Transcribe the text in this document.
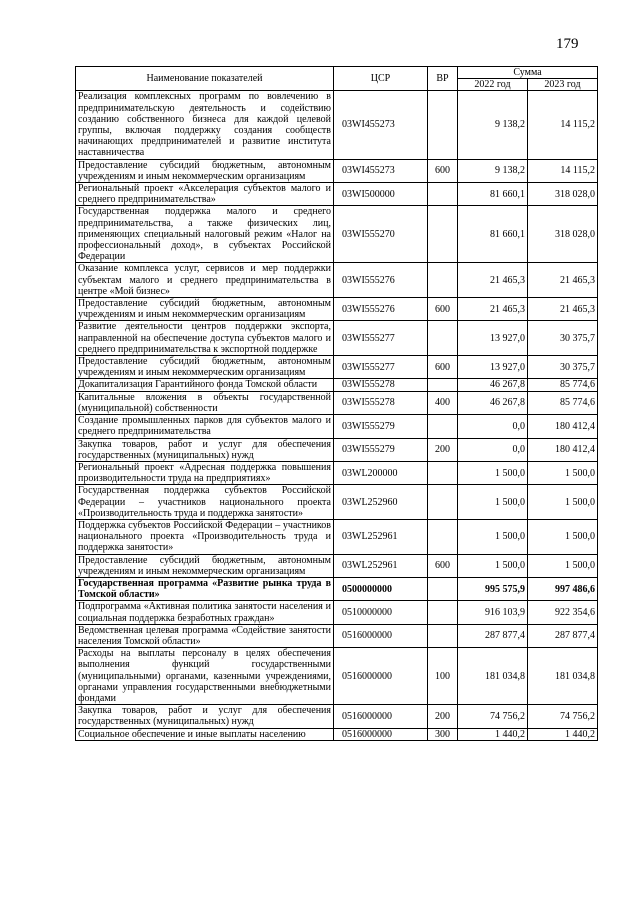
179
Наименование показателей	ЦСР	ВР	Сумма	
			2022 год	2023 год
Реализация комплексных программ по вовлечению в предпринимательскую деятельность и содействию созданию собственного бизнеса для каждой целевой группы, включая поддержку создания сообществ начинающих предпринимателей и развитие института наставничества	03WI455273		9 138,2	14 115,2
Предоставление субсидий бюджетным, автономным учреждениям и иным некоммерческим организациям	03WI455273	600	9 138,2	14 115,2
Региональный проект «Акселерация субъектов малого и среднего предпринимательства»	03WI500000		81 660,1	318 028,0
Государственная поддержка малого и среднего предпринимательства, а также физических лиц, применяющих специальный налоговый режим «Налог на профессиональный доход», в субъектах Российской Федерации	03WI555270		81 660,1	318 028,0
Оказание комплекса услуг, сервисов и мер поддержки субъектам малого и среднего предпринимательства в центре «Мой бизнес»	03WI555276		21 465,3	21 465,3
Предоставление субсидий бюджетным, автономным учреждениям и иным некоммерческим организациям	03WI555276	600	21 465,3	21 465,3
Развитие деятельности центров поддержки экспорта, направленной на обеспечение доступа субъектов малого и среднего предпринимательства к экспортной поддержке	03WI555277		13 927,0	30 375,7
Предоставление субсидий бюджетным, автономным учреждениям и иным некоммерческим организациям	03WI555277	600	13 927,0	30 375,7
Докапитализация Гарантийного фонда Томской области	03WI555278		46 267,8	85 774,6
Капитальные вложения в объекты государственной (муниципальной) собственности	03WI555278	400	46 267,8	85 774,6
Создание промышленных парков для субъектов малого и среднего предпринимательства	03WI555279		0,0	180 412,4
Закупка товаров, работ и услуг для обеспечения государственных (муниципальных) нужд	03WI555279	200	0,0	180 412,4
Региональный проект «Адресная поддержка повышения производительности труда на предприятиях»	03WL200000		1 500,0	1 500,0
Государственная поддержка субъектов Российской Федерации – участников национального проекта «Производительность труда и поддержка занятости»	03WL252960		1 500,0	1 500,0
Поддержка субъектов Российской Федерации – участников национального проекта «Производительность труда и поддержка занятости»	03WL252961		1 500,0	1 500,0
Предоставление субсидий бюджетным, автономным учреждениям и иным некоммерческим организациям	03WL252961	600	1 500,0	1 500,0
Государственная программа «Развитие рынка труда в Томской области»	0500000000		995 575,9	997 486,6
Подпрограмма «Активная политика занятости населения и социальная поддержка безработных граждан»	0510000000		916 103,9	922 354,6
Ведомственная целевая программа «Содействие занятости населения Томской области»	0516000000		287 877,4	287 877,4
Расходы на выплаты персоналу в целях обеспечения выполнения функций государственными (муниципальными) органами, казенными учреждениями, органами управления государственными внебюджетными фондами	0516000000	100	181 034,8	181 034,8
Закупка товаров, работ и услуг для обеспечения государственных (муниципальных) нужд	0516000000	200	74 756,2	74 756,2
Социальное обеспечение и иные выплаты населению	0516000000	300	1 440,2	1 440,2
